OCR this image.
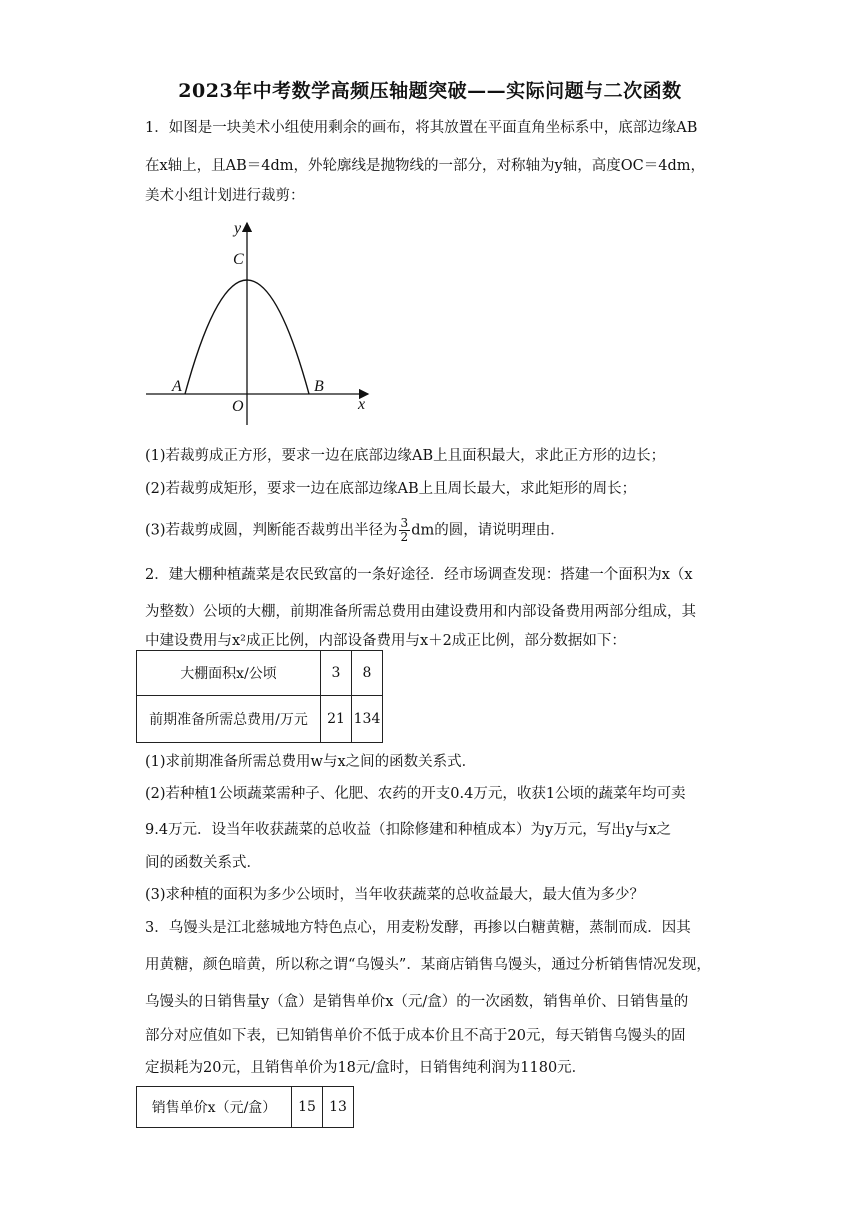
2023年中考数学高频压轴题突破——实际问题与二次函数
1．如图是一块美术小组使用剩余的画布，将其放置在平面直角坐标系中，底部边缘AB
在x轴上，且AB＝4dm，外轮廓线是抛物线的一部分，对称轴为y轴，高度OC＝4dm，
美术小组计划进行裁剪：
y
C
A	B
O	x
(1)若裁剪成正方形，要求一边在底部边缘AB上且面积最大，求此正方形的边长；
(2)若裁剪成矩形，要求一边在底部边缘AB上且周长最大，求此矩形的周长；
(3)若裁剪成圆，判断能否裁剪出半径为 $\frac{3}{2}$ dm的圆，请说明理由．
2．建大棚种植蔬菜是农民致富的一条好途径．经市场调查发现：搭建一个面积为x（x
为整数）公顷的大棚，前期准备所需总费用由建设费用和内部设备费用两部分组成，其
中建设费用与x²成正比例，内部设备费用与x＋2成正比例，部分数据如下：
大棚面积x/公顷	3	8
前期准备所需总费用/万元	21	134
(1)求前期准备所需总费用w与x之间的函数关系式．
(2)若种植1公顷蔬菜需种子、化肥、农药的开支0.4万元，收获1公顷的蔬菜年均可卖
9.4万元．设当年收获蔬菜的总收益（扣除修建和种植成本）为y万元，写出y与x之
间的函数关系式．
(3)求种植的面积为多少公顷时，当年收获蔬菜的总收益最大，最大值为多少？
3．乌馒头是江北慈城地方特色点心，用麦粉发酵，再掺以白糖黄糖，蒸制而成．因其
用黄糖，颜色暗黄，所以称之谓“乌馒头”．某商店销售乌馒头，通过分析销售情况发现，
乌馒头的日销售量y（盒）是销售单价x（元/盒）的一次函数，销售单价、日销售量的
部分对应值如下表，已知销售单价不低于成本价且不高于20元，每天销售乌馒头的固
定损耗为20元，且销售单价为18元/盒时，日销售纯利润为1180元．
销售单价x（元/盒）	15	13
